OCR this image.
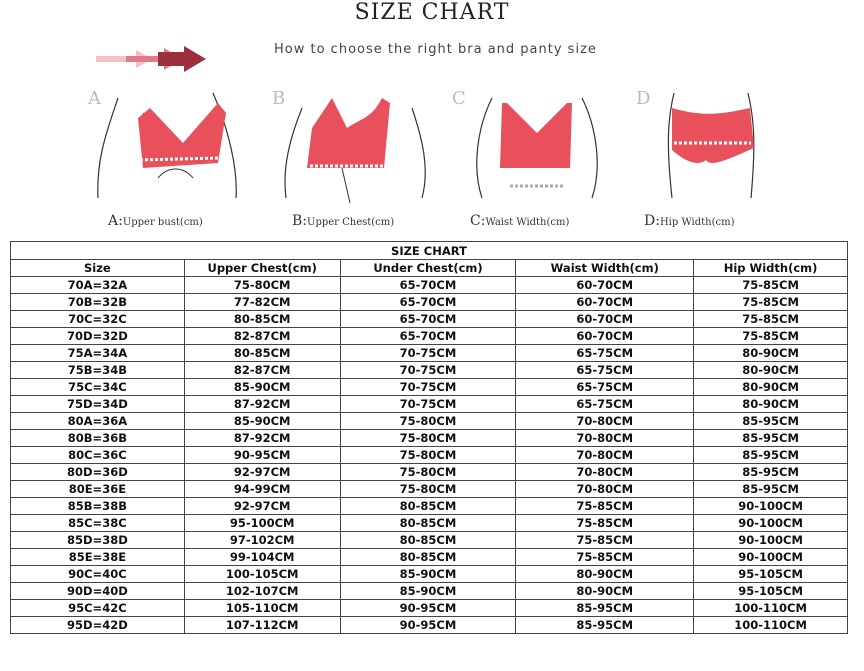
SIZE CHART
How to choose the right bra and panty size
A
A:Upper bust(cm)
B
B:Upper Chest(cm)
C
C:Waist Width(cm)
D
D:Hip Width(cm)
SIZE CHART				
Size	Upper Chest(cm)	Under Chest(cm)	Waist Width(cm)	Hip Width(cm)
70A=32A	75-80CM	65-70CM	60-70CM	75-85CM
70B=32B	77-82CM	65-70CM	60-70CM	75-85CM
70C=32C	80-85CM	65-70CM	60-70CM	75-85CM
70D=32D	82-87CM	65-70CM	60-70CM	75-85CM
75A=34A	80-85CM	70-75CM	65-75CM	80-90CM
75B=34B	82-87CM	70-75CM	65-75CM	80-90CM
75C=34C	85-90CM	70-75CM	65-75CM	80-90CM
75D=34D	87-92CM	70-75CM	65-75CM	80-90CM
80A=36A	85-90CM	75-80CM	70-80CM	85-95CM
80B=36B	87-92CM	75-80CM	70-80CM	85-95CM
80C=36C	90-95CM	75-80CM	70-80CM	85-95CM
80D=36D	92-97CM	75-80CM	70-80CM	85-95CM
80E=36E	94-99CM	75-80CM	70-80CM	85-95CM
85B=38B	92-97CM	80-85CM	75-85CM	90-100CM
85C=38C	95-100CM	80-85CM	75-85CM	90-100CM
85D=38D	97-102CM	80-85CM	75-85CM	90-100CM
85E=38E	99-104CM	80-85CM	75-85CM	90-100CM
90C=40C	100-105CM	85-90CM	80-90CM	95-105CM
90D=40D	102-107CM	85-90CM	80-90CM	95-105CM
95C=42C	105-110CM	90-95CM	85-95CM	100-110CM
95D=42D	107-112CM	90-95CM	85-95CM	100-110CM
